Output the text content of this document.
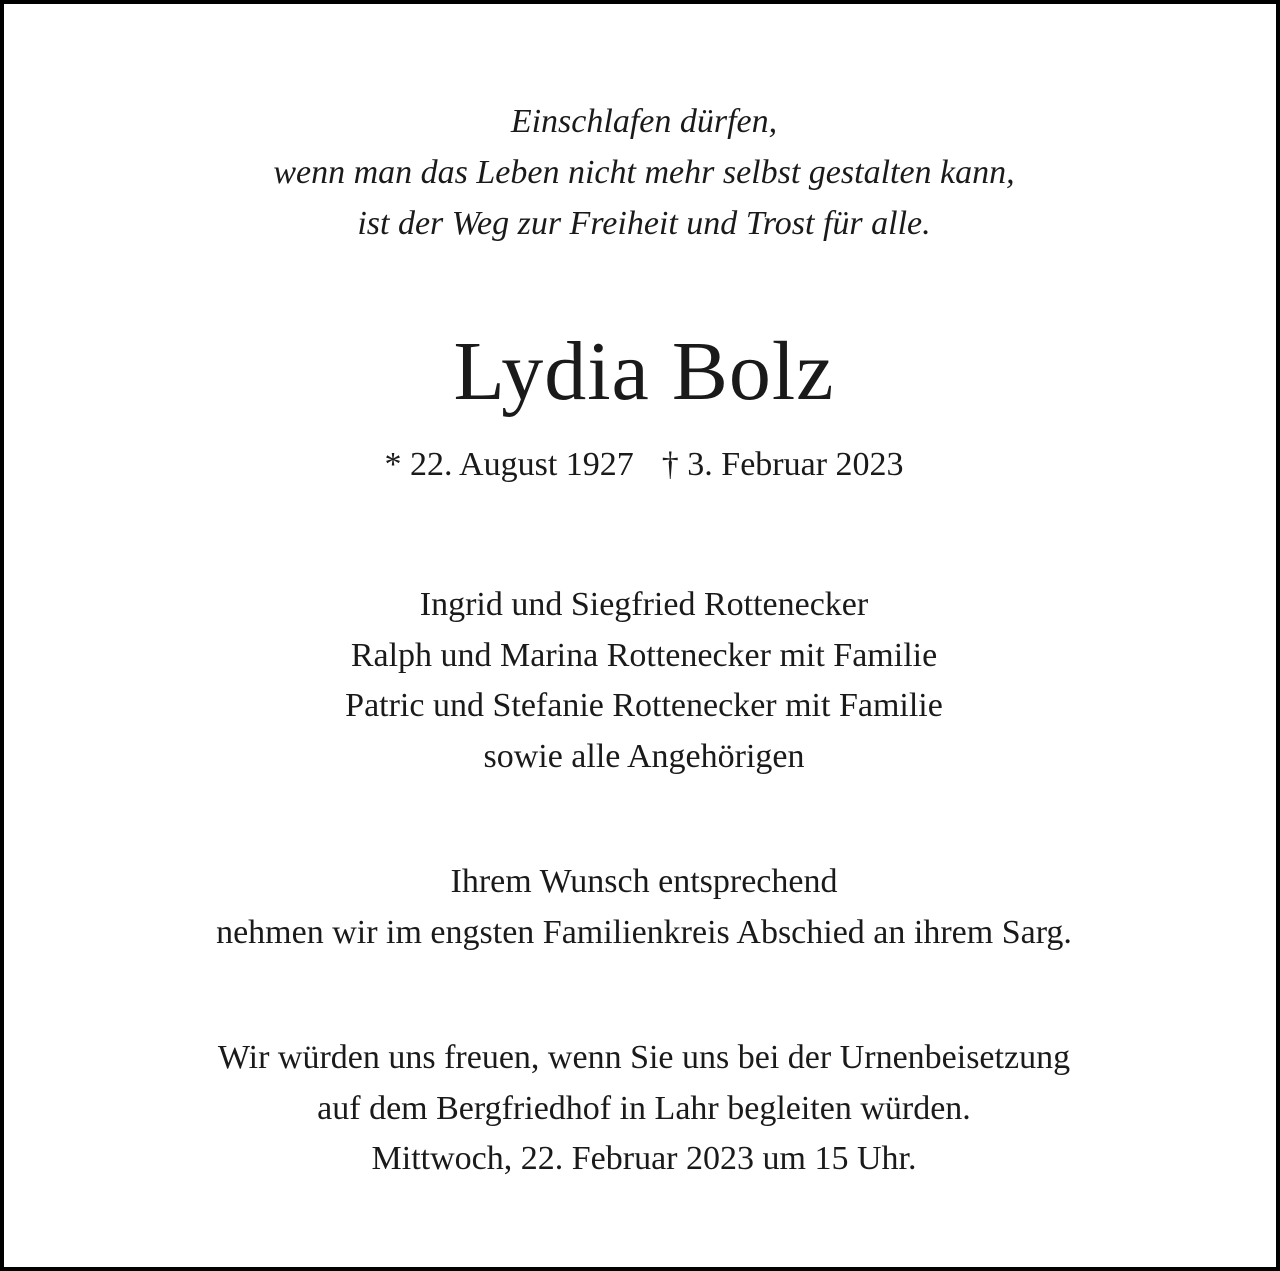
Einschlafen dürfen,
wenn man das Leben nicht mehr selbst gestalten kann,
ist der Weg zur Freiheit und Trost für alle.
Lydia Bolz
* 22. August 1927 † 3. Februar 2023
Ingrid und Siegfried Rottenecker
Ralph und Marina Rottenecker mit Familie
Patric und Stefanie Rottenecker mit Familie
sowie alle Angehörigen
Ihrem Wunsch entsprechend
nehmen wir im engsten Familienkreis Abschied an ihrem Sarg.
Wir würden uns freuen, wenn Sie uns bei der Urnenbeisetzung
auf dem Bergfriedhof in Lahr begleiten würden.
Mittwoch, 22. Februar 2023 um 15 Uhr.
